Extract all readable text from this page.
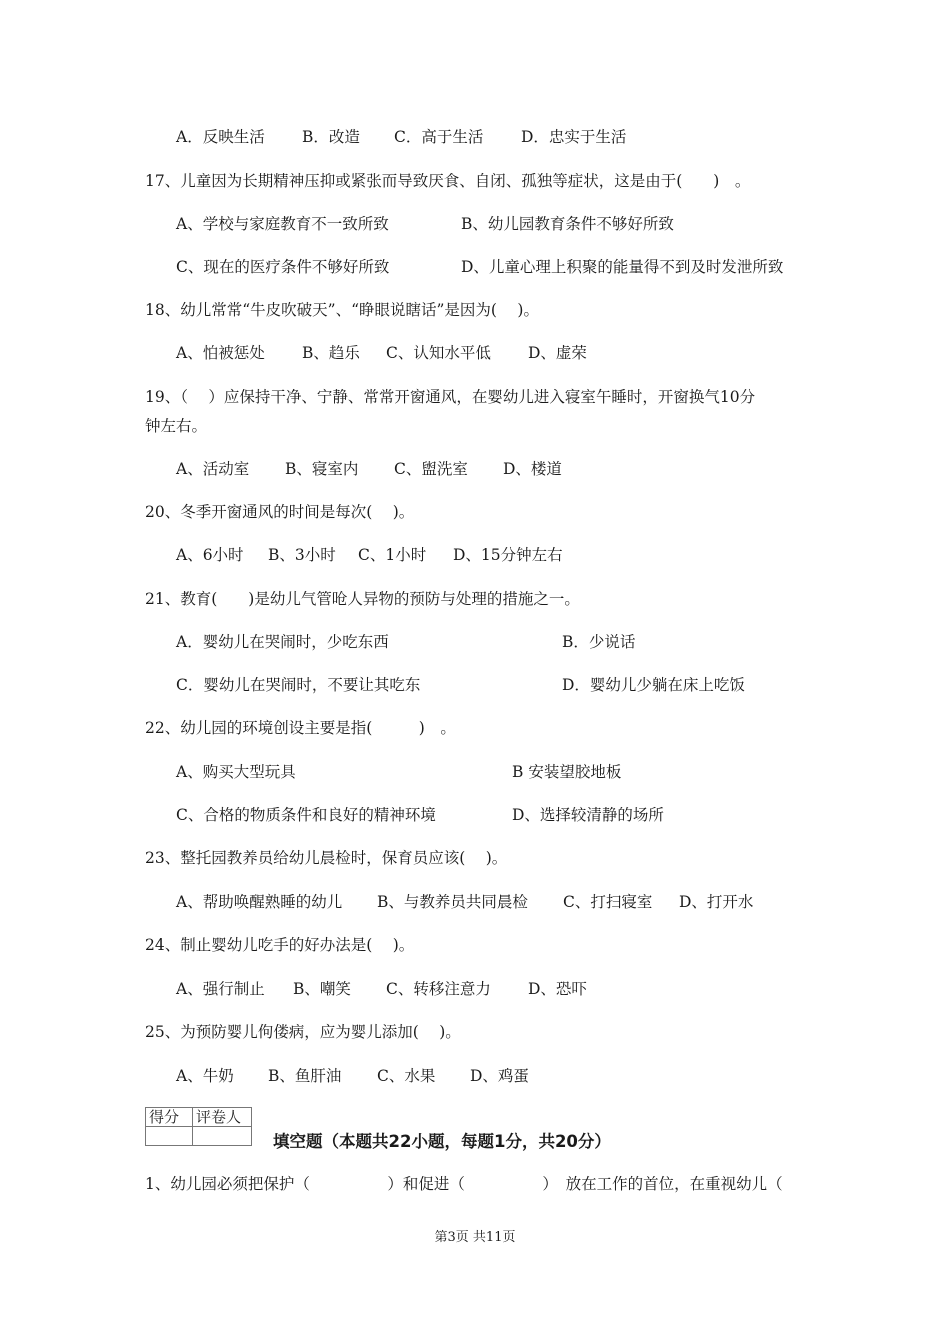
A．反映生活 B．改造 C．高于生活 D．忠实于生活
17、儿童因为长期精神压抑或紧张而导致厌食、自闭、孤独等症状，这是由于(　　)　。
A、学校与家庭教育不一致所致	B、幼儿园教育条件不够好所致
C、现在的医疗条件不够好所致	D、儿童心理上积聚的能量得不到及时发泄所致
18、幼儿常常“牛皮吹破天”、“睁眼说瞎话”是因为(　 )。
A、怕被惩处 B、趋乐 C、认知水平低 D、虚荣
19、（　 ）应保持干净、宁静、常常开窗通风，在婴幼儿进入寝室午睡时，开窗换气10分
钟左右。
A、活动室 B、寝室内 C、盥洗室 D、楼道
20、冬季开窗通风的时间是每次(　 )。
A、6小时 B、3小时 C、1小时 D、15分钟左右
21、教育(　　)是幼儿气管呛人异物的预防与处理的措施之一。
A．婴幼儿在哭闹时，少吃东西	B．少说话
C．婴幼儿在哭闹时，不要让其吃东	D．婴幼儿少躺在床上吃饭
22、幼儿园的环境创设主要是指(　　　)　。
A、购买大型玩具	B 安装望胶地板
C、合格的物质条件和良好的精神环境	D、选择较清静的场所
23、整托园教养员给幼儿晨检时，保育员应该(　 )。
A、帮助唤醒熟睡的幼儿 B、与教养员共同晨检 C、打扫寝室 D、打开水
24、制止婴幼儿吃手的好办法是(　 )。
A、强行制止 B、嘲笑 C、转移注意力 D、恐吓
25、为预防婴儿佝偻病，应为婴儿添加(　 )。
A、牛奶 B、鱼肝油 C、水果 D、鸡蛋
得分	评卷人

填空题（本题共22小题，每题1分，共20分）
1、幼儿园必须把保护（　　　　　）和促进（　　　　　）　放在工作的首位，在重视幼儿（
第3页 共11页
